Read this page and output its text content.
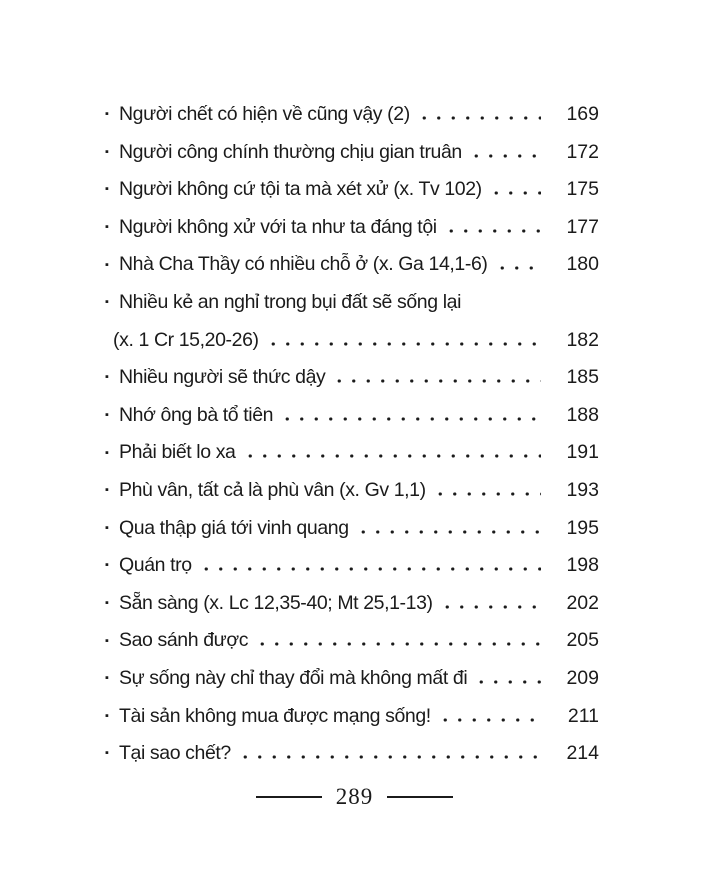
▪ Người chết có hiện về cũng vậy (2)	169
▪ Người công chính thường chịu gian truân	172
▪ Người không cứ tội ta mà xét xử (x. Tv 102)	175
▪ Người không xử với ta như ta đáng tội	177
▪ Nhà Cha Thầy có nhiều chỗ ở (x. Ga 14,1-6)	180
▪ Nhiều kẻ an nghỉ trong bụi đất sẽ sống lại
(x. 1 Cr 15,20-26)	182
▪ Nhiều người sẽ thức dậy	185
▪ Nhớ ông bà tổ tiên	188
▪ Phải biết lo xa	191
▪ Phù vân, tất cả là phù vân (x. Gv 1,1)	193
▪ Qua thập giá tới vinh quang	195
▪ Quán trọ	198
▪ Sẵn sàng (x. Lc 12,35-40; Mt 25,1-13)	202
▪ Sao sánh được	205
▪ Sự sống này chỉ thay đổi mà không mất đi	209
▪ Tài sản không mua được mạng sống!	211
▪ Tại sao chết?	214
289
